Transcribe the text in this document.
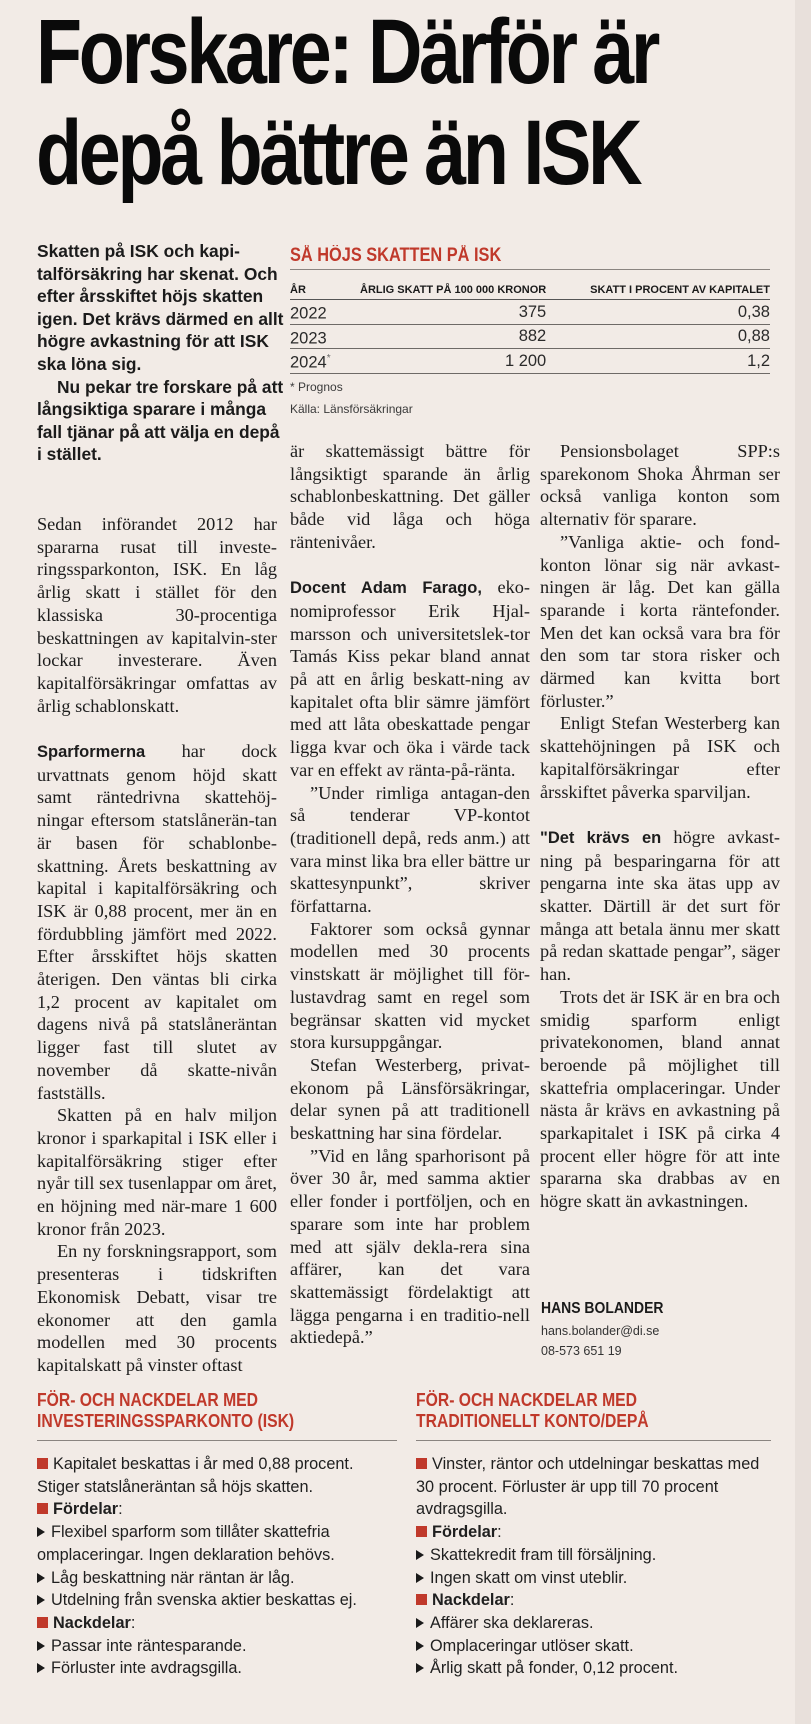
Forskare: Därför är
depå bättre än ISK

Skatten på ISK och kapi-talförsäkring har skenat. Och efter årsskiftet höjs skatten igen. Det krävs därmed en allt högre avkastning för att ISK ska löna sig.

Nu pekar tre forskare på att långsiktiga sparare i många fall tjänar på att välja en depå i stället.

SÅ HÖJS SKATTEN PÅ ISK
ÅR	ÅRLIG SKATT PÅ 100 000 KRONOR	SKATT I PROCENT AV KAPITALET
2022	375	0,38
2023	882	0,88
2024*	1 200	1,2
* Prognos
Källa: Länsförsäkringar

Sedan införandet 2012 har spararna rusat till investe-ringssparkonton, ISK. En låg årlig skatt i stället för den klassiska 30-procentiga beskattningen av kapitalvin-ster lockar investerare. Även kapitalförsäkringar omfattas av årlig schablonskatt.

Sparformerna har dock urvattnats genom höjd skatt samt räntedrivna skattehöj-ningar eftersom statslånerän-tan är basen för schablonbe-skattning. Årets beskattning av kapital i kapitalförsäkring och ISK är 0,88 procent, mer än en fördubbling jämfört med 2022. Efter årsskiftet höjs skatten återigen. Den väntas bli cirka 1,2 procent av kapitalet om dagens nivå på statslåneräntan ligger fast till slutet av november då skatte-nivån fastställs.

Skatten på en halv miljon kronor i sparkapital i ISK eller i kapitalförsäkring stiger efter nyår till sex tusenlappar om året, en höjning med när-mare 1 600 kronor från 2023.

En ny forskningsrapport, som presenteras i tidskriften Ekonomisk Debatt, visar tre ekonomer att den gamla modellen med 30 procents kapitalskatt på vinster oftast

är skattemässigt bättre för långsiktigt sparande än årlig schablonbeskattning. Det gäller både vid låga och höga räntenivåer.

Docent Adam Farago, eko-nomiprofessor Erik Hjal-marsson och universitetslek-tor Tamás Kiss pekar bland annat på att en årlig beskatt-ning av kapitalet ofta blir sämre jämfört med att låta obeskattade pengar ligga kvar och öka i värde tack var en effekt av ränta-på-ränta.

”Under rimliga antagan-den så tenderar VP-kontot (traditionell depå, reds anm.) att vara minst lika bra eller bättre ur skattesynpunkt”, skriver författarna.

Faktorer som också gynnar modellen med 30 procents vinstskatt är möjlighet till för-lustavdrag samt en regel som begränsar skatten vid mycket stora kursuppgångar.

Stefan Westerberg, privat-ekonom på Länsförsäkringar, delar synen på att traditionell beskattning har sina fördelar.

”Vid en lång sparhorisont på över 30 år, med samma aktier eller fonder i portföljen, och en sparare som inte har problem med att själv dekla-rera sina affärer, kan det vara skattemässigt fördelaktigt att lägga pengarna i en traditio-nell aktiedepå.”

Pensionsbolaget SPP:s sparekonom Shoka Åhrman ser också vanliga konton som alternativ för sparare.

”Vanliga aktie- och fond-konton lönar sig när avkast-ningen är låg. Det kan gälla sparande i korta räntefonder. Men det kan också vara bra för den som tar stora risker och därmed kan kvitta bort förluster.”

Enligt Stefan Westerberg kan skattehöjningen på ISK och kapitalförsäkringar efter årsskiftet påverka sparviljan.

"Det krävs en högre avkast-ning på besparingarna för att pengarna inte ska ätas upp av skatter. Därtill är det surt för många att betala ännu mer skatt på redan skattade pengar”, säger han.

Trots det är ISK är en bra och smidig sparform enligt privatekonomen, bland annat beroende på möjlighet till skattefria omplaceringar. Under nästa år krävs en avkastning på sparkapitalet i ISK på cirka 4 procent eller högre för att inte spararna ska drabbas av en högre skatt än avkastningen.

HANS BOLANDER
hans.bolander@di.se
08-573 651 19
FÖR- OCH NACKDELAR MED
INVESTERINGSSPARKONTO (ISK)
Kapitalet beskattas i år med 0,88 procent. Stiger statslåneräntan så höjs skatten.
Fördelar:
Flexibel sparform som tillåter skattefria omplaceringar. Ingen deklaration behövs.
Låg beskattning när räntan är låg.
Utdelning från svenska aktier beskattas ej.
Nackdelar:
Passar inte räntesparande.
Förluster inte avdragsgilla.
FÖR- OCH NACKDELAR MED
TRADITIONELLT KONTO/DEPÅ
Vinster, räntor och utdelningar beskattas med 30 procent. Förluster är upp till 70 procent avdragsgilla.
Fördelar:
Skattekredit fram till försäljning.
Ingen skatt om vinst uteblir.
Nackdelar:
Affärer ska deklareras.
Omplaceringar utlöser skatt.
Årlig skatt på fonder, 0,12 procent.
